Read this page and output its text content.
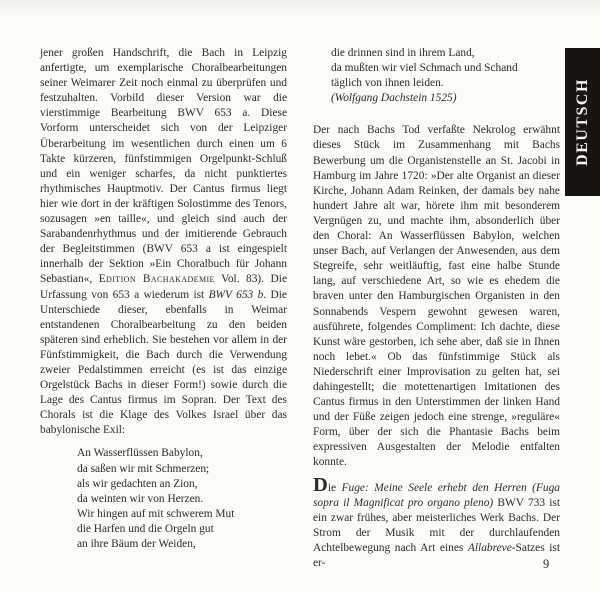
jener großen Handschrift, die Bach in Leipzig anfertigte, um exemplarische Choralbearbeitungen seiner Weimarer Zeit noch einmal zu überprüfen und festzuhalten. Vorbild dieser Version war die vierstimmige Bearbeitung BWV 653 a. Diese Vorform unterscheidet sich von der Leipziger Überarbeitung im wesentlichen durch einen um 6 Takte kürzeren, fünfstimmigen Orgelpunkt-Schluß und ein weniger scharfes, da nicht punktiertes rhythmisches Hauptmotiv. Der Cantus firmus liegt hier wie dort in der kräftigen Solostimme des Tenors, sozusagen »en taille«, und gleich sind auch der Sarabandenrhythmus und der imitierende Gebrauch der Begleitstimmen (BWV 653 a ist eingespielt innerhalb der Sektion »Ein Choralbuch für Johann Sebastian«, Edition Bachakademie Vol. 83). Die Urfassung von 653 a wiederum ist BWV 653 b. Die Unterschiede dieser, ebenfalls in Weimar entstandenen Choralbearbeitung zu den beiden späteren sind erheblich. Sie bestehen vor allem in der Fünfstimmigkeit, die Bach durch die Verwendung zweier Pedalstimmen erreicht (es ist das einzige Orgelstück Bachs in dieser Form!) sowie durch die Lage des Cantus firmus im Sopran. Der Text des Chorals ist die Klage des Volkes Israel über das babylonische Exil:

An Wasserflüssen Babylon,
da saßen wir mit Schmerzen;
als wir gedachten an Zion,
da weinten wir von Herzen.
Wir hingen auf mit schwerem Mut
die Harfen und die Orgeln gut
an ihre Bäum der Weiden,
die drinnen sind in ihrem Land,
da mußten wir viel Schmach und Schand
täglich von ihnen leiden.
(Wolfgang Dachstein 1525)

Der nach Bachs Tod verfaßte Nekrolog erwähnt dieses Stück im Zusammenhang mit Bachs Bewerbung um die Organistenstelle an St. Jacobi in Hamburg im Jahre 1720: »Der alte Organist an dieser Kirche, Johann Adam Reinken, der damals bey nahe hundert Jahre alt war, hörete ihm mit besonderem Vergnügen zu, und machte ihm, absonderlich über den Choral: An Wasserflüssen Babylon, welchen unser Bach, auf Verlangen der Anwesenden, aus dem Stegreife, sehr weitläuftig, fast eine halbe Stunde lang, auf verschiedene Art, so wie es ehedem die braven unter den Hamburgischen Organisten in den Sonnabends Vespern gewohnt gewesen waren, ausführete, folgendes Compliment: Ich dachte, diese Kunst wäre gestorben, ich sehe aber, daß sie in Ihnen noch lebet.« Ob das fünfstimmige Stück als Niederschrift einer Improvisation zu gelten hat, sei dahingestellt; die motettenartigen Imitationen des Cantus firmus in den Unterstimmen der linken Hand und der Füße zeigen jedoch eine strenge, »reguläre« Form, über der sich die Phantasie Bachs beim expressiven Ausgestalten der Melodie entfalten konnte.

Die Fuge: Meine Seele erhebt den Herren (Fuga sopra il Magnificat pro organo pleno) BWV 733 ist ein zwar frühes, aber meisterliches Werk Bachs. Der Strom der Musik mit der durchlaufenden Achtelbewegung nach Art eines Allabreve-Satzes ist er-

DEUTSCH
9
